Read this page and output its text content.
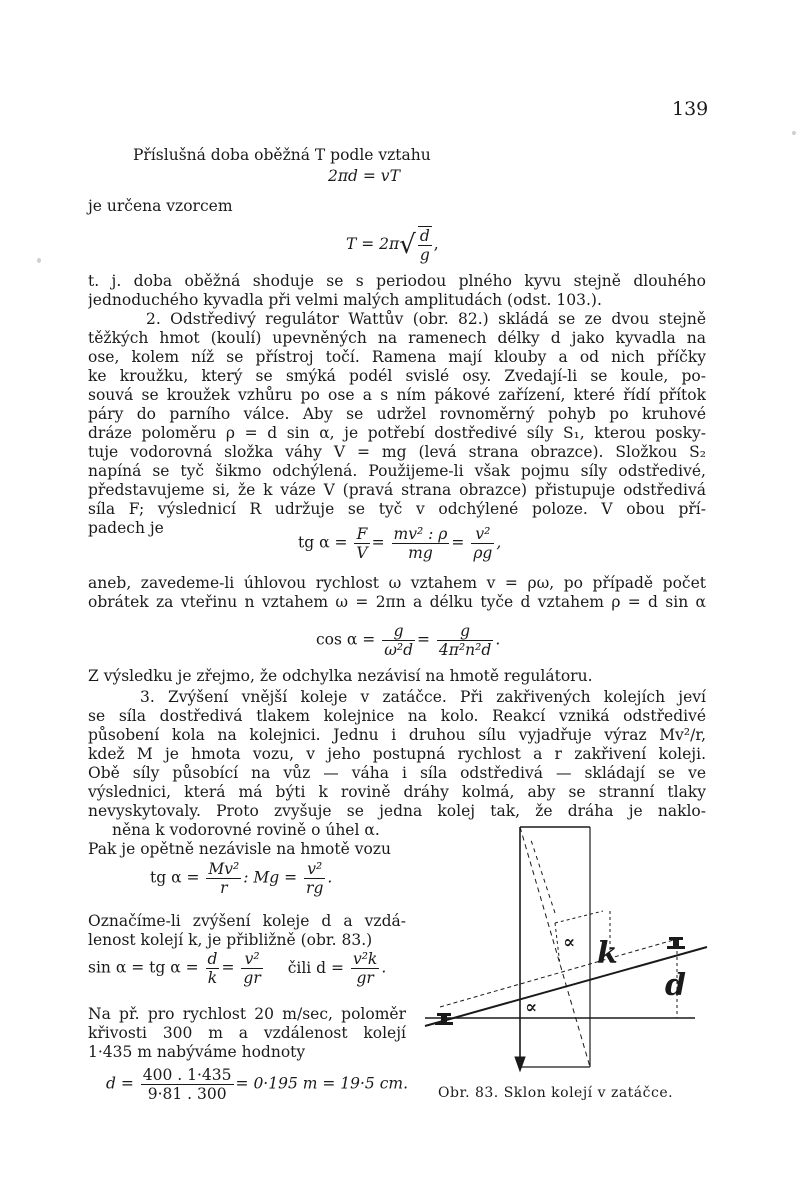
139
Příslušná doba oběžná T podle vztahu
2πd = vT
je určena vzorcem
$T = 2\pi√ \frac{d}{g}$ ,
t. j. doba oběžná shoduje se s periodou plného kyvu stejně dlouhého
jednoduchého kyvadla při velmi malých amplitudách (odst. 103.).
2. Odstředivý regulátor Wattův (obr. 82.) skládá se ze dvou stejně
těžkých hmot (koulí) upevněných na ramenech délky d jako kyvadla na
ose, kolem níž se přístroj točí. Ramena mají klouby a od nich příčky
ke kroužku, který se smýká podél svislé osy. Zvedají-li se koule, po-
souvá se kroužek vzhůru po ose a s ním pákové zařízení, které řídí přítok
páry do parního válce. Aby se udržel rovnoměrný pohyb po kruhové
dráze poloměru ρ = d sin α, je potřebí dostředivé síly S₁, kterou posky-
tuje vodorovná složka váhy V = mg (levá strana obrazce). Složkou S₂
napíná se tyč šikmo odchýlená. Použijeme-li však pojmu síly odstředivé,
představujeme si, že k váze V (pravá strana obrazce) přistupuje odstředivá
síla F; výslednicí R udržuje se tyč v odchýlené poloze. V obou pří-
padech je
tg $\alpha = \frac{F}{V} = \frac{\text{mv² : ρ}}{mg} = \frac{\text{v²}}{\rho g}$ ,
aneb, zavedeme-li úhlovou rychlost ω vztahem v = ρω, po případě počet
obrátek za vteřinu n vztahem ω = 2πn a délku tyče d vztahem ρ = d sin α
$\cos \alpha = \frac{g}{\text{ω²d}} = \frac{g}{\text{4π²n²d}}$ .
Z výsledku je zřejmo, že odchylka nezávisí na hmotě regulátoru.
3. Zvýšení vnější koleje v zatáčce. Při zakřivených kolejích jeví
se síla dostředivá tlakem kolejnice na kolo. Reakcí vzniká odstředivé
působení kola na kolejnici. Jednu i druhou sílu vyjadřuje výraz Mv²/r,
kdež M je hmota vozu, v jeho postupná rychlost a r zakřivení koleji.
Obě síly působící na vůz — váha i síla odstředivá — skládají se ve
výslednici, která má býti k rovině dráhy kolmá, aby se stranní tlaky
nevyskytovaly. Proto zvyšuje se jedna kolej tak, že dráha je naklo-
něna k vodorovné rovině o úhel α.
Pak je opětně nezávisle na hmotě vozu
tg $\alpha = \frac{\text{Mv²}}{r}$ : $Mg = \frac{\text{v²}}{rg}$ .
Označíme-li zvýšení koleje d a vzdá-
lenost kolejí k, je přibližně (obr. 83.)
sin α = tg $\alpha = \frac{d}{k} = \frac{\text{v²}}{gr}$ čili $d = \frac{\text{v²k}}{gr}$ .
Na př. pro rychlost 20 m/sec, poloměr
křivosti 300 m a vzdálenost kolejí
1·435 m nabýváme hodnoty
$d = \frac{400 . 1\cdot 435}{9\cdot 81 . 300} = 0\cdot 195$ m = 19·5 cm.
k
d
∝
∝
Obr. 83. Sklon kolejí v zatáčce.
